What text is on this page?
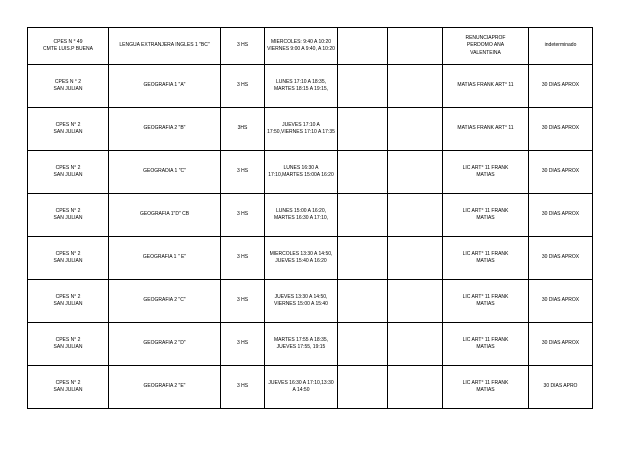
CPES N ° 49
CMTE LUIS.P BUENA	LENGUA EXTRANJERA INGLES 1 "BC"	3 HS	MIERCOLES: 9:40 A 10:20
VIERNES 9:00 A 9:40, A 10:20			RENUNCIAPROF
PERDOMO ANA
VALENTEINA	indeterminado
CPES N ° 2
SAN JULIAN	GEOGRAFIA 1 "A"	3 HS	LUNES 17:10 A 18:35,
MARTES 18:15 A 19:15,			MATIAS FRANK ART° 11	30 DIAS APROX
CPES N° 2
SAN JULIAN	GEOGRAFIA 2 "B"	3HS	JUEVES 17:10 A
17:50,VIERNES 17:10 A 17:35			MATIAS FRANK ART° 11	30 DIAS APROX
CPES N° 2
SAN JULIAN	GEOGRADIA 1 "C"	3 HS	LUNES 16:30 A
17:10,MARTES 15:00A 16:20			LIC ART° 11 FRANK
MATIAS	30 DIAS APROX
CPES N° 2
SAN JULIAN	GEOGRAFIA 1"D" CB	3 HS	LUNES 15:00 A 16:20,
MARTES 16:30 A 17:10,			LIC ART° 11 FRANK
MATIAS	30 DIAS APROX
CPES N° 2
SAN JULIAN	GEOGRAFIA 1 " E"	3 HS	MIERCOLES 13:30 A 14:50,
JUEVES 15:40 A 16:20			LIC ART° 11 FRANK
MATIAS	30 DIAS APROX
CPES N° 2
SAN JULIAN	GEOGRAFIA 2 "C"	3 HS	JUEVES 13:30 A 14:50,
VIERNES 15:00 A 15:40			LIC ART° 11 FRANK
MATIAS	30 DIAS APROX
CPES N° 2
SAN JULIAN	GEOGRAFIA 2 "D"	3 HS	MARTES 17:55 A 18:35,
JUEVES 17:55, 19:15			LIC ART° 11 FRANK
MATIAS	30 DIAS APROX
CPES N° 2
SAN JULIAN	GEOGRAFIA 2 "E"	3 HS	JUEVES 16:30 A 17:10,13:30
A 14:50			LIC ART° 11 FRANK
MATIAS	30 DIAS APRO
